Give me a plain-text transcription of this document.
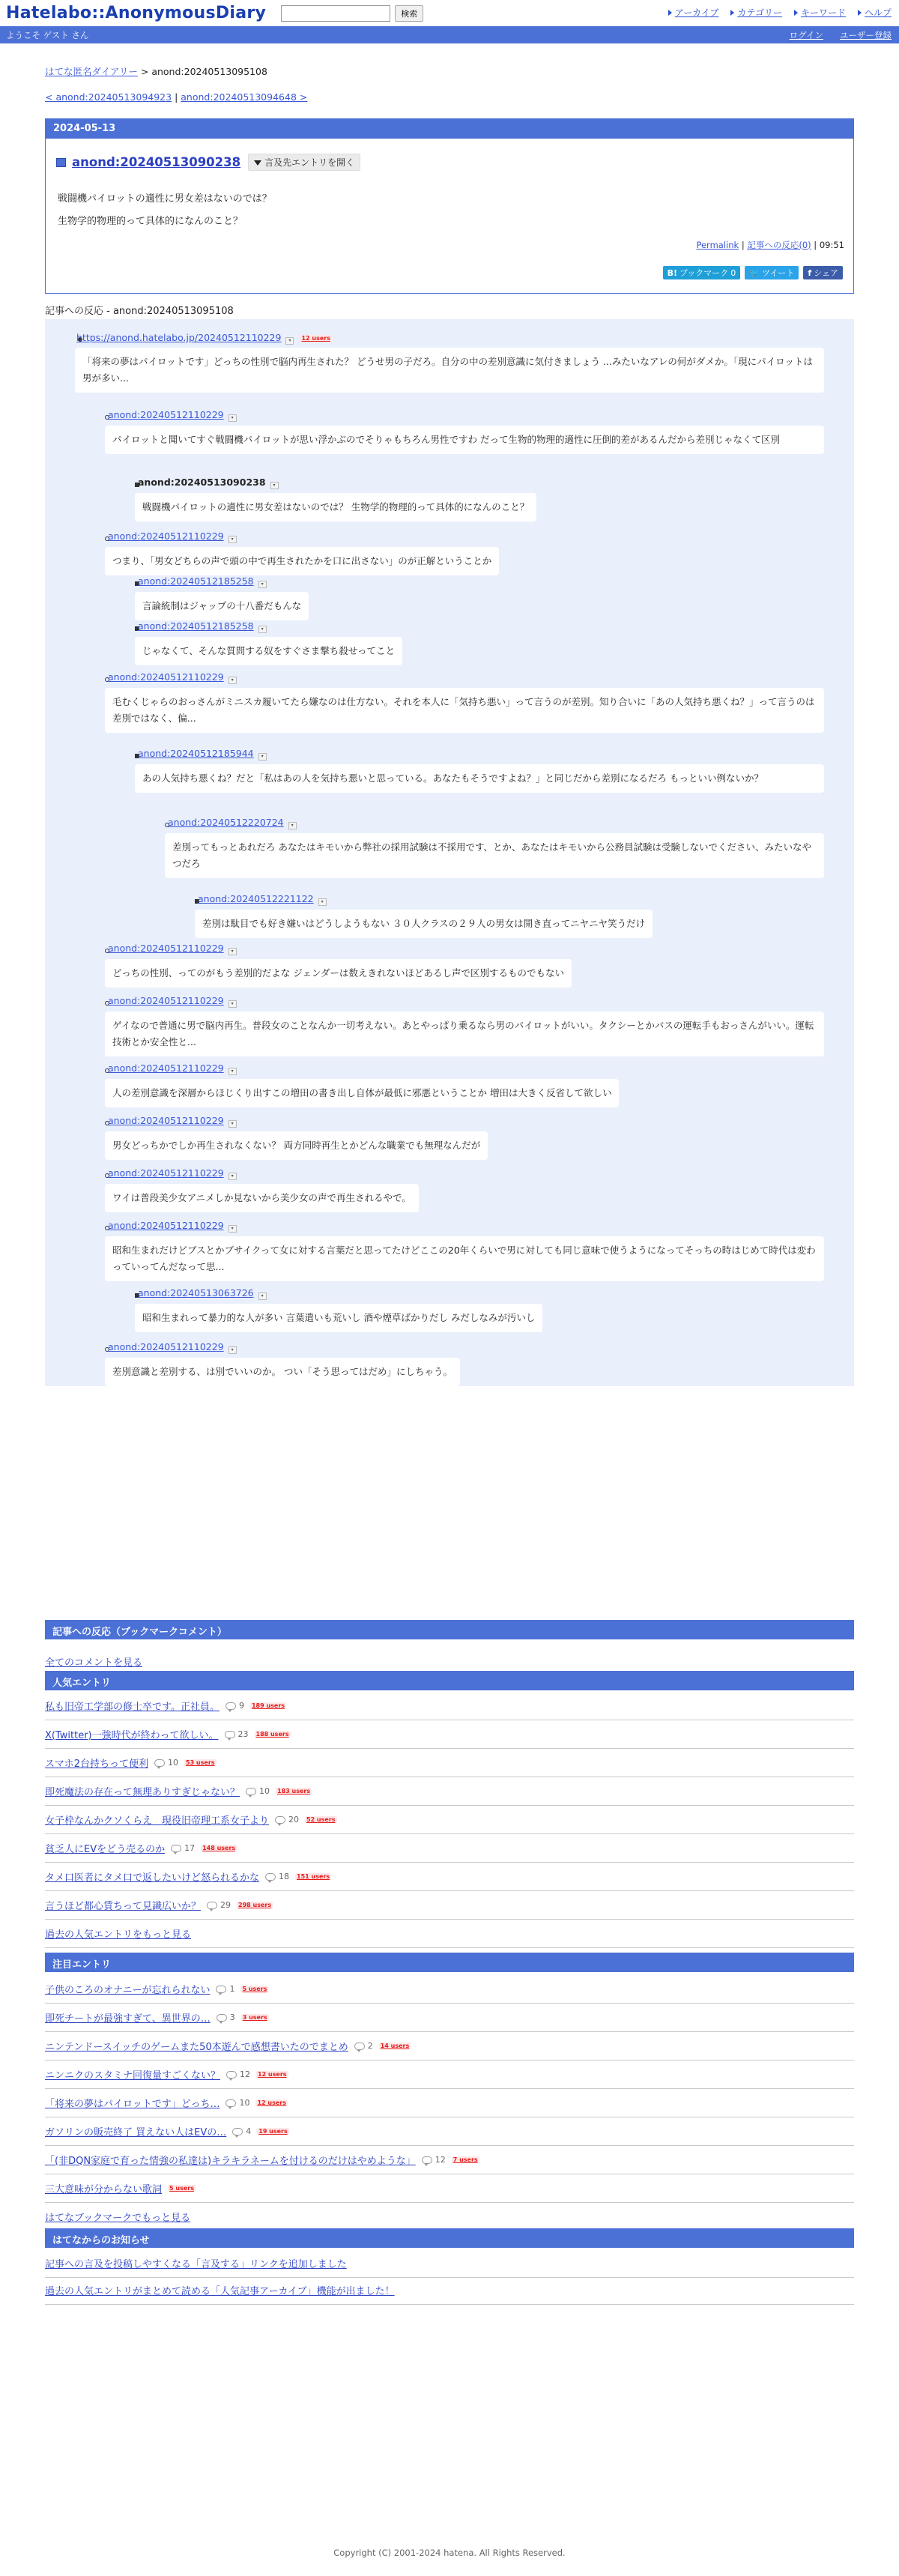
Hatelabo::AnonymousDiary	検索	アーカイブ	カテゴリー	キーワード	ヘルプ
ようこそ ゲスト さん	ログイン ユーザー登録
はてな匿名ダイアリー > anond:20240513095108
< anond:20240513094923 | anond:20240513094648 >
2024-05-13
anond:20240513090238	言及先エントリを開く
戦闘機パイロットの適性に男女差はないのでは？
生物学的物理的って具体的になんのこと？
Permalink | 記事への反応(0) | 09:51
B! ブックマーク 0 🐦 ツイート f シェア
記事への反応 - anond:20240513095108
https://anond.hatelabo.jp/20240512110229 ▾ 12 users
「将来の夢はパイロットです」どっちの性別で脳内再生された？ どうせ男の子だろ。自分の中の差別意識に気付きましょう ...みたいなアレの何がダメか。「現にパイロットは男が多い...
anond:20240512110229 ▾
パイロットと聞いてすぐ戦闘機パイロットが思い浮かぶのでそりゃもちろん男性ですわ だって生物的物理的適性に圧倒的差があるんだから差別じゃなくて区別
anond:20240513090238 ▾
戦闘機パイロットの適性に男女差はないのでは？ 生物学的物理的って具体的になんのこと？
anond:20240512110229 ▾
つまり、「男女どちらの声で頭の中で再生されたかを口に出さない」のが正解ということか
anond:20240512185258 ▾
言論統制はジャップの十八番だもんな
anond:20240512185258 ▾
じゃなくて、そんな質問する奴をすぐさま撃ち殺せってこと
anond:20240512110229 ▾
毛むくじゃらのおっさんがミニスカ履いてたら嫌なのは仕方ない。それを本人に「気持ち悪い」って言うのが差別。知り合いに「あの人気持ち悪くね？」って言うのは差別ではなく、偏...
anond:20240512185944 ▾
あの人気持ち悪くね？だと「私はあの人を気持ち悪いと思っている。あなたもそうですよね？」と同じだから差別になるだろ もっといい例ないか？
anond:20240512220724 ▾
差別ってもっとあれだろ あなたはキモいから弊社の採用試験は不採用です、とか、あなたはキモいから公務員試験は受験しないでください、みたいなやつだろ
anond:20240512221122 ▾
差別は駄目でも好き嫌いはどうしようもない ３０人クラスの２９人の男女は開き直ってニヤニヤ笑うだけ
anond:20240512110229 ▾
どっちの性別、ってのがもう差別的だよな ジェンダーは数えきれないほどあるし声で区別するものでもない
anond:20240512110229 ▾
ゲイなので普通に男で脳内再生。普段女のことなんか一切考えない。あとやっぱり乗るなら男のパイロットがいい。タクシーとかバスの運転手もおっさんがいい。運転技術とか安全性と...
anond:20240512110229 ▾
人の差別意識を深層からほじくり出すこの増田の書き出し自体が最低に邪悪ということか 増田は大きく反省して欲しい
anond:20240512110229 ▾
男女どっちかでしか再生されなくない？ 両方同時再生とかどんな職業でも無理なんだが
anond:20240512110229 ▾
ワイは普段美少女アニメしか見ないから美少女の声で再生されるやで。
anond:20240512110229 ▾
昭和生まれだけどブスとかブサイクって女に対する言葉だと思ってたけどここの20年くらいで男に対しても同じ意味で使うようになってそっちの時はじめて時代は変わっていってんだなって思...
anond:20240513063726 ▾
昭和生まれって暴力的な人が多い 言葉遣いも荒いし 酒や煙草ばかりだし みだしなみが汚いし
anond:20240512110229 ▾
差別意識と差別する、は別でいいのか。 つい「そう思ってはだめ」にしちゃう。
記事への反応（ブックマークコメント）
全てのコメントを見る
人気エントリ
私も旧帝工学部の修士卒です。正社員。 9 189 users
X(Twitter)一強時代が終わって欲しい。 23 188 users
スマホ2台持ちって便利 10 53 users
即死魔法の存在って無理ありすぎじゃない？ 10 183 users
女子枠なんかクソくらえ　現役旧帝理工系女子より 20 52 users
貧乏人にEVをどう売るのか 17 148 users
タメ口医者にタメ口で返したいけど怒られるかな 18 151 users
言うほど都心賃ちって見識広いか？ 29 298 users
過去の人気エントリをもっと見る
注目エントリ
子供のころのオナニーが忘れられない 1 5 users
即死チートが最強すぎて、異世界の… 3 3 users
ニンテンドースイッチのゲームまた50本遊んで感想書いたのでまとめ 2 14 users
ニンニクのスタミナ回復量すごくない？ 12 12 users
「将来の夢はパイロットです」どっち… 10 12 users
ガソリンの販売終了 買えない人はEVの… 4 19 users
「(非DQN家庭で育った情強の私達は)キラキラネームを付けるのだけはやめような」 12 7 users
三大意味が分からない歌詞 5 users
はてなブックマークでもっと見る
はてなからのお知らせ
記事への言及を投稿しやすくなる「言及する」リンクを追加しました
過去の人気エントリがまとめて読める「人気記事アーカイブ」機能が出ました！
Copyright (C) 2001-2024 hatena. All Rights Reserved.
